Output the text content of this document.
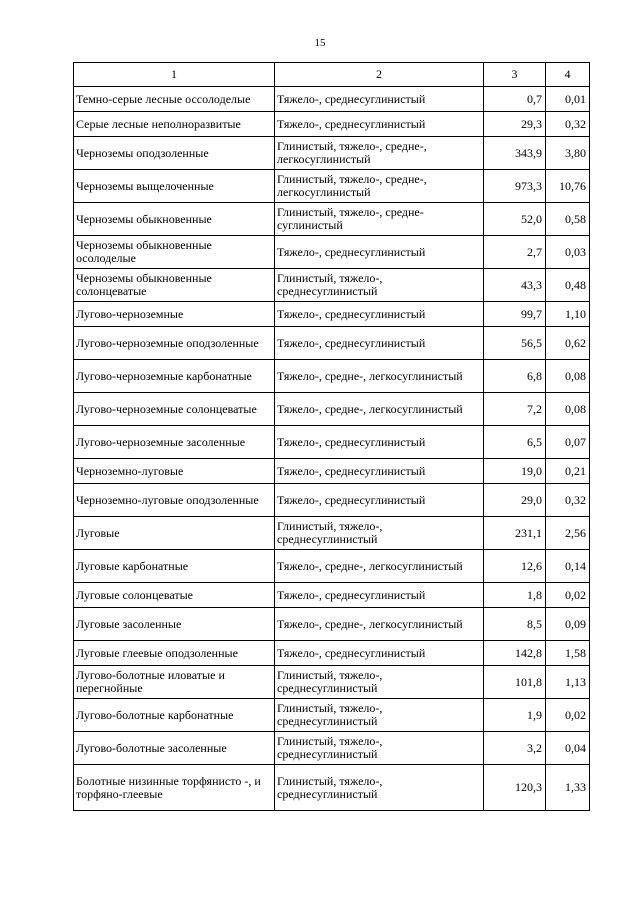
15
1	2	3	4
Темно-серые лесные оссолоделые	Тяжело-, среднесуглинистый	0,7	0,01
Серые лесные неполноразвитые	Тяжело-, среднесуглинистый	29,3	0,32
Черноземы оподзоленные	Глинистый, тяжело-, средне-, легкосуглинистый	343,9	3,80
Черноземы выщелоченные	Глинистый, тяжело-, средне-, легкосуглинистый	973,3	10,76
Черноземы обыкновенные	Глинистый, тяжело-, средне-суглинистый	52,0	0,58
Черноземы обыкновенные осолоделые	Тяжело-, среднесуглинистый	2,7	0,03
Черноземы обыкновенные солонцеватые	Глинистый, тяжело-, среднесуглинистый	43,3	0,48
Лугово-черноземные	Тяжело-, среднесуглинистый	99,7	1,10
Лугово-черноземные оподзоленные	Тяжело-, среднесуглинистый	56,5	0,62
Лугово-черноземные карбонатные	Тяжело-, средне-, легкосуглинистый	6,8	0,08
Лугово-черноземные солонцеватые	Тяжело-, средне-, легкосуглинистый	7,2	0,08
Лугово-черноземные засоленные	Тяжело-, среднесуглинистый	6,5	0,07
Черноземно-луговые	Тяжело-, среднесуглинистый	19,0	0,21
Черноземно-луговые оподзоленные	Тяжело-, среднесуглинистый	29,0	0,32
Луговые	Глинистый, тяжело-, среднесуглинистый	231,1	2,56
Луговые карбонатные	Тяжело-, средне-, легкосуглинистый	12,6	0,14
Луговые солонцеватые	Тяжело-, среднесуглинистый	1,8	0,02
Луговые засоленные	Тяжело-, средне-, легкосуглинистый	8,5	0,09
Луговые глеевые оподзоленные	Тяжело-, среднесуглинистый	142,8	1,58
Лугово-болотные иловатые и перегнойные	Глинистый, тяжело-, среднесуглинистый	101,8	1,13
Лугово-болотные карбонатные	Глинистый, тяжело-, среднесуглинистый	1,9	0,02
Лугово-болотные засоленные	Глинистый, тяжело-, среднесуглинистый	3,2	0,04
Болотные низинные торфянисто -, и торфяно-глеевые	Глинистый, тяжело-, среднесуглинистый	120,3	1,33
